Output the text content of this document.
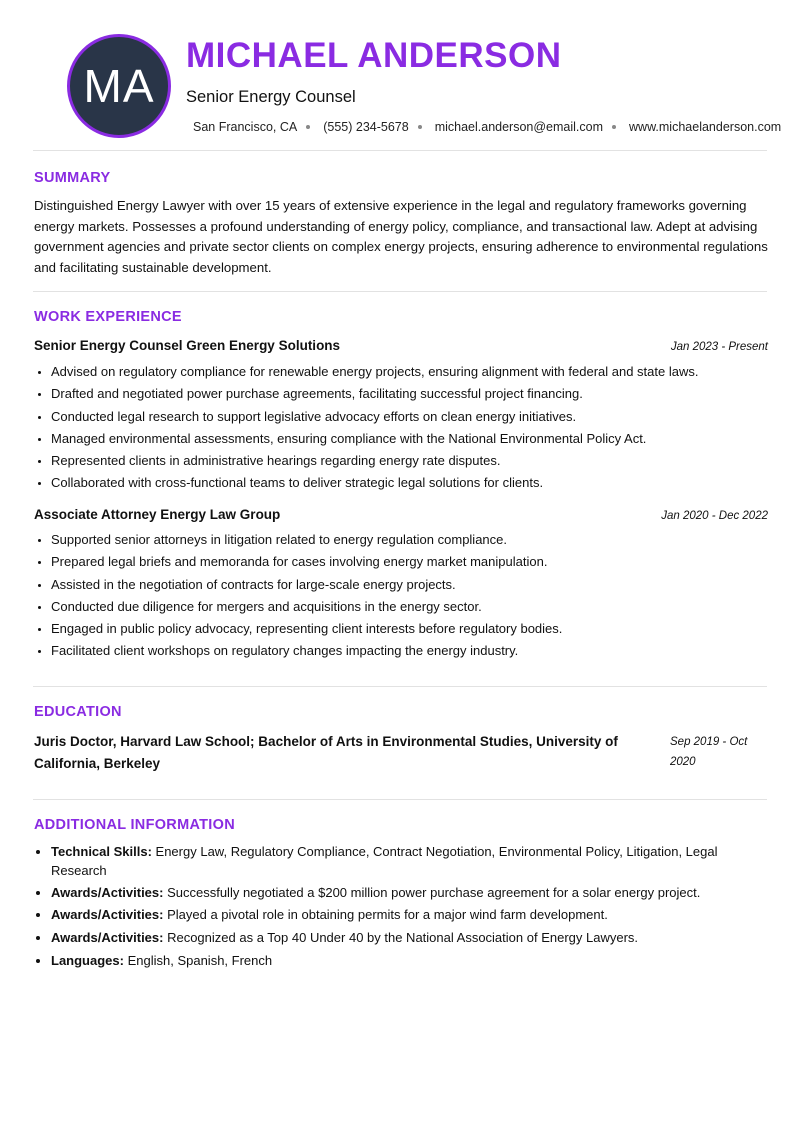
MA
MICHAEL ANDERSON

Senior Energy Counsel

San Francisco, CA (555) 234-5678 michael.anderson@email.com www.michaelanderson.com
SUMMARY

Distinguished Energy Lawyer with over 15 years of extensive experience in the legal and regulatory frameworks governing energy markets. Possesses a profound understanding of energy policy, compliance, and transactional law. Adept at advising government agencies and private sector clients on complex energy projects, ensuring adherence to environmental regulations and facilitating sustainable development.

WORK EXPERIENCE
Senior Energy Counsel Green Energy Solutions	Jan 2023 - Present
• Advised on regulatory compliance for renewable energy projects, ensuring alignment with federal and state laws.
• Drafted and negotiated power purchase agreements, facilitating successful project financing.
• Conducted legal research to support legislative advocacy efforts on clean energy initiatives.
• Managed environmental assessments, ensuring compliance with the National Environmental Policy Act.
• Represented clients in administrative hearings regarding energy rate disputes.
• Collaborated with cross-functional teams to deliver strategic legal solutions for clients.
Associate Attorney Energy Law Group	Jan 2020 - Dec 2022
• Supported senior attorneys in litigation related to energy regulation compliance.
• Prepared legal briefs and memoranda for cases involving energy market manipulation.
• Assisted in the negotiation of contracts for large-scale energy projects.
• Conducted due diligence for mergers and acquisitions in the energy sector.
• Engaged in public policy advocacy, representing client interests before regulatory bodies.
• Facilitated client workshops on regulatory changes impacting the energy industry.
EDUCATION

Juris Doctor, Harvard Law School; Bachelor of Arts in Environmental Studies, University of California, Berkeley

Sep 2019 - Oct 2020

ADDITIONAL INFORMATION
• Technical Skills: Energy Law, Regulatory Compliance, Contract Negotiation, Environmental Policy, Litigation, Legal Research
• Awards/Activities: Successfully negotiated a $200 million power purchase agreement for a solar energy project.
• Awards/Activities: Played a pivotal role in obtaining permits for a major wind farm development.
• Awards/Activities: Recognized as a Top 40 Under 40 by the National Association of Energy Lawyers.
• Languages: English, Spanish, French
